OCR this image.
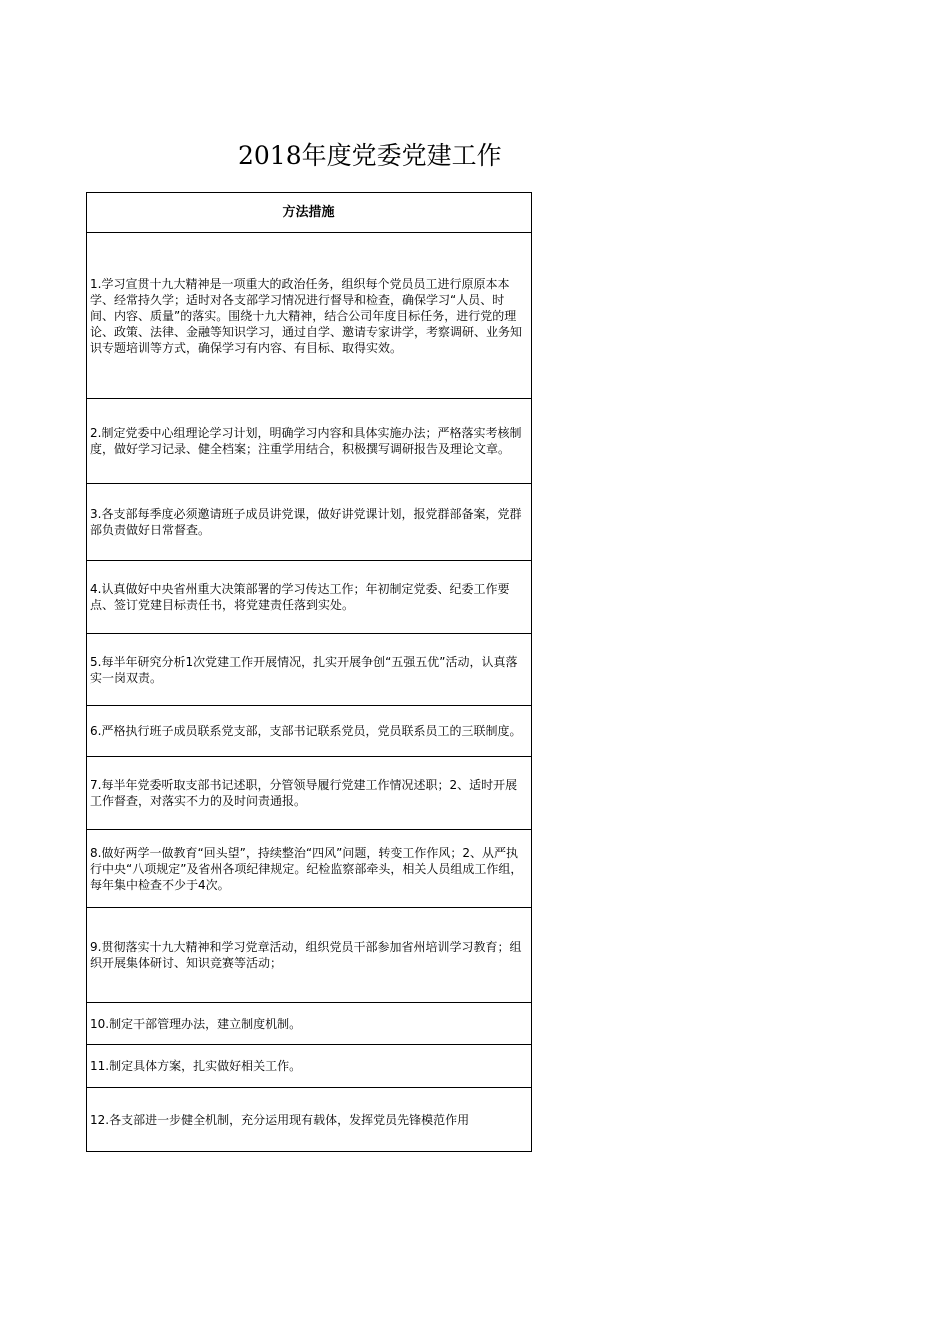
2018年度党委党建工作
方法措施
1.学习宣贯十九大精神是一项重大的政治任务，组织每个党员员工进行原原本本学、经常持久学；适时对各支部学习情况进行督导和检查，确保学习“人员、时间、内容、质量”的落实。围绕十九大精神，结合公司年度目标任务，进行党的理论、政策、法律、金融等知识学习，通过自学、邀请专家讲学，考察调研、业务知识专题培训等方式，确保学习有内容、有目标、取得实效。
2.制定党委中心组理论学习计划，明确学习内容和具体实施办法；严格落实考核制度，做好学习记录、健全档案；注重学用结合，积极撰写调研报告及理论文章。
3.各支部每季度必须邀请班子成员讲党课，做好讲党课计划，报党群部备案，党群部负责做好日常督查。
4.认真做好中央省州重大决策部署的学习传达工作；年初制定党委、纪委工作要点、签订党建目标责任书，将党建责任落到实处。
5.每半年研究分析1次党建工作开展情况，扎实开展争创“五强五优”活动，认真落实一岗双责。
6.严格执行班子成员联系党支部，支部书记联系党员，党员联系员工的三联制度。
7.每半年党委听取支部书记述职，分管领导履行党建工作情况述职；2、适时开展工作督查，对落实不力的及时问责通报。
8.做好两学一做教育“回头望”，持续整治“四风”问题，转变工作作风；2、从严执行中央“八项规定”及省州各项纪律规定。纪检监察部牵头，相关人员组成工作组，每年集中检查不少于4次。
9.贯彻落实十九大精神和学习党章活动，组织党员干部参加省州培训学习教育；组织开展集体研讨、知识竞赛等活动；
10.制定干部管理办法，建立制度机制。
11.制定具体方案，扎实做好相关工作。
12.各支部进一步健全机制，充分运用现有载体，发挥党员先锋模范作用
